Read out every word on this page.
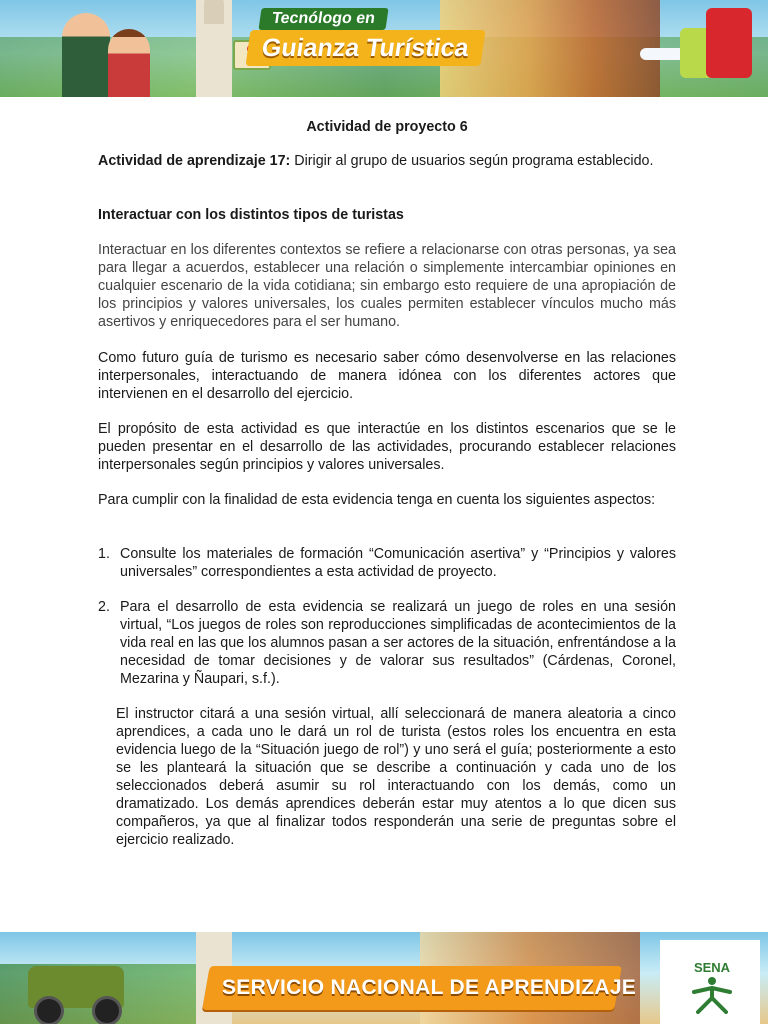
Tecnólogo en
Guianza Turística
Actividad de proyecto 6

Actividad de aprendizaje 17: Dirigir al grupo de usuarios según programa establecido.

Interactuar con los distintos tipos de turistas

Interactuar en los diferentes contextos se refiere a relacionarse con otras personas, ya sea para llegar a acuerdos, establecer una relación o simplemente intercambiar opiniones en cualquier escenario de la vida cotidiana; sin embargo esto requiere de una apropiación de los principios y valores universales, los cuales permiten establecer vínculos mucho más asertivos y enriquecedores para el ser humano.

Como futuro guía de turismo es necesario saber cómo desenvolverse en las relaciones interpersonales, interactuando de manera idónea con los diferentes actores que intervienen en el desarrollo del ejercicio.

El propósito de esta actividad es que interactúe en los distintos escenarios que se le pueden presentar en el desarrollo de las actividades, procurando establecer relaciones interpersonales según principios y valores universales.

Para cumplir con la finalidad de esta evidencia tenga en cuenta los siguientes aspectos:

1. Consulte los materiales de formación “Comunicación asertiva” y “Principios y valores universales” correspondientes a esta actividad de proyecto.

2. Para el desarrollo de esta evidencia se realizará un juego de roles en una sesión virtual, “Los juegos de roles son reproducciones simplificadas de acontecimientos de la vida real en las que los alumnos pasan a ser actores de la situación, enfrentándose a la necesidad de tomar decisiones y de valorar sus resultados” (Cárdenas, Coronel, Mezarina y Ñaupari, s.f.).

El instructor citará a una sesión virtual, allí seleccionará de manera aleatoria a cinco aprendices, a cada uno le dará un rol de turista (estos roles los encuentra en esta evidencia luego de la “Situación juego de rol”) y uno será el guía; posteriormente a esto se les planteará la situación que se describe a continuación y cada uno de los seleccionados deberá asumir su rol interactuando con los demás, como un dramatizado. Los demás aprendices deberán estar muy atentos a lo que dicen sus compañeros, ya que al finalizar todos responderán una serie de preguntas sobre el ejercicio realizado.

SERVICIO NACIONAL DE APRENDIZAJE
SENA
